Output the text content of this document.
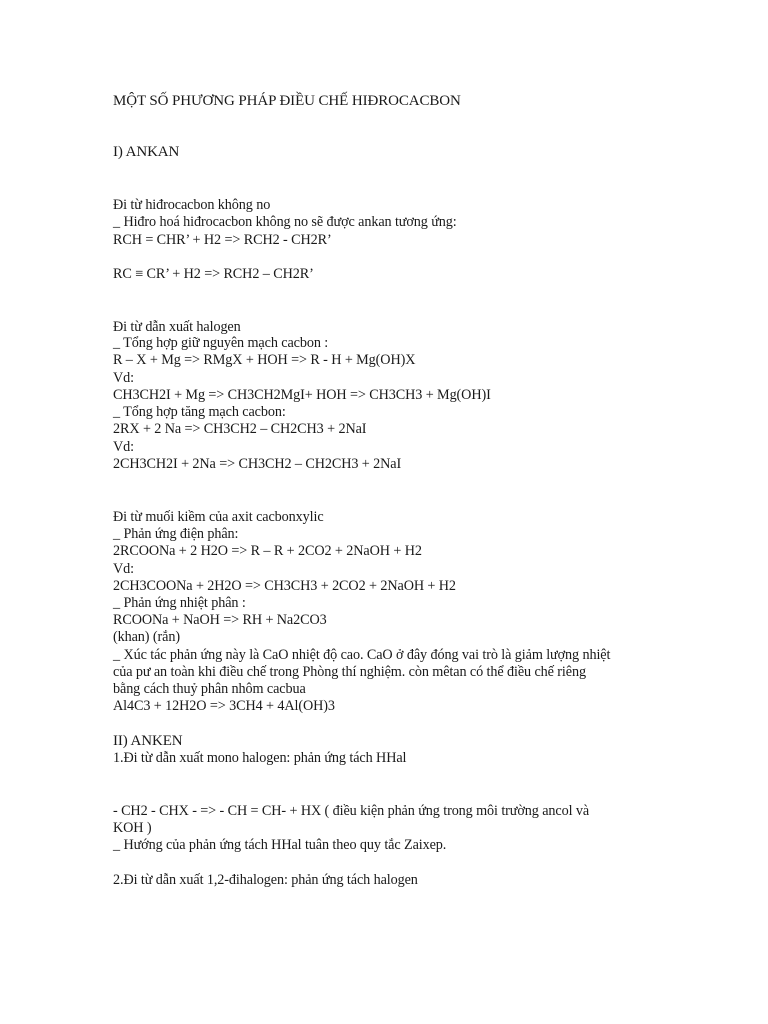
MỘT SỐ PHƯƠNG PHÁP ĐIỀU CHẾ HIĐROCACBON
I) ANKAN
Đi từ hiđrocacbon không no
_ Hiđro hoá hiđrocacbon không no sẽ được ankan tương ứng:
RCH = CHR’ + H2 => RCH2 - CH2R’
RC ≡ CR’ + H2 => RCH2 – CH2R’
Đi từ dẫn xuất halogen
_ Tổng hợp giữ nguyên mạch cacbon :
R – X + Mg => RMgX + HOH => R - H + Mg(OH)X
Vd:
CH3CH2I + Mg => CH3CH2MgI+ HOH => CH3CH3 + Mg(OH)I
_ Tổng hợp tăng mạch cacbon:
2RX + 2 Na => CH3CH2 – CH2CH3 + 2NaI
Vd:
2CH3CH2I + 2Na => CH3CH2 – CH2CH3 + 2NaI
Đi từ muối kiềm của axit cacbonxylic
_ Phản ứng điện phân:
2RCOONa + 2 H2O => R – R + 2CO2 + 2NaOH + H2
Vd:
2CH3COONa + 2H2O => CH3CH3 + 2CO2 + 2NaOH + H2
_ Phản ứng nhiệt phân :
RCOONa + NaOH => RH + Na2CO3
(khan) (rắn)
_ Xúc tác phản ứng này là CaO nhiệt độ cao. CaO ở đây đóng vai trò là giảm lượng nhiệt
của pư an toàn khi điều chế trong Phòng thí nghiệm. còn mêtan có thể điều chế riêng
bằng cách thuỷ phân nhôm cacbua
Al4C3 + 12H2O => 3CH4 + 4Al(OH)3
II) ANKEN
1.Đi từ dẫn xuất mono halogen: phản ứng tách HHal
- CH2 - CHX - => - CH = CH- + HX ( điều kiện phản ứng trong môi trường ancol và
KOH )
_ Hướng của phản ứng tách HHal tuân theo quy tắc Zaixep.
2.Đi từ dẫn xuất 1,2-đihalogen: phản ứng tách halogen
